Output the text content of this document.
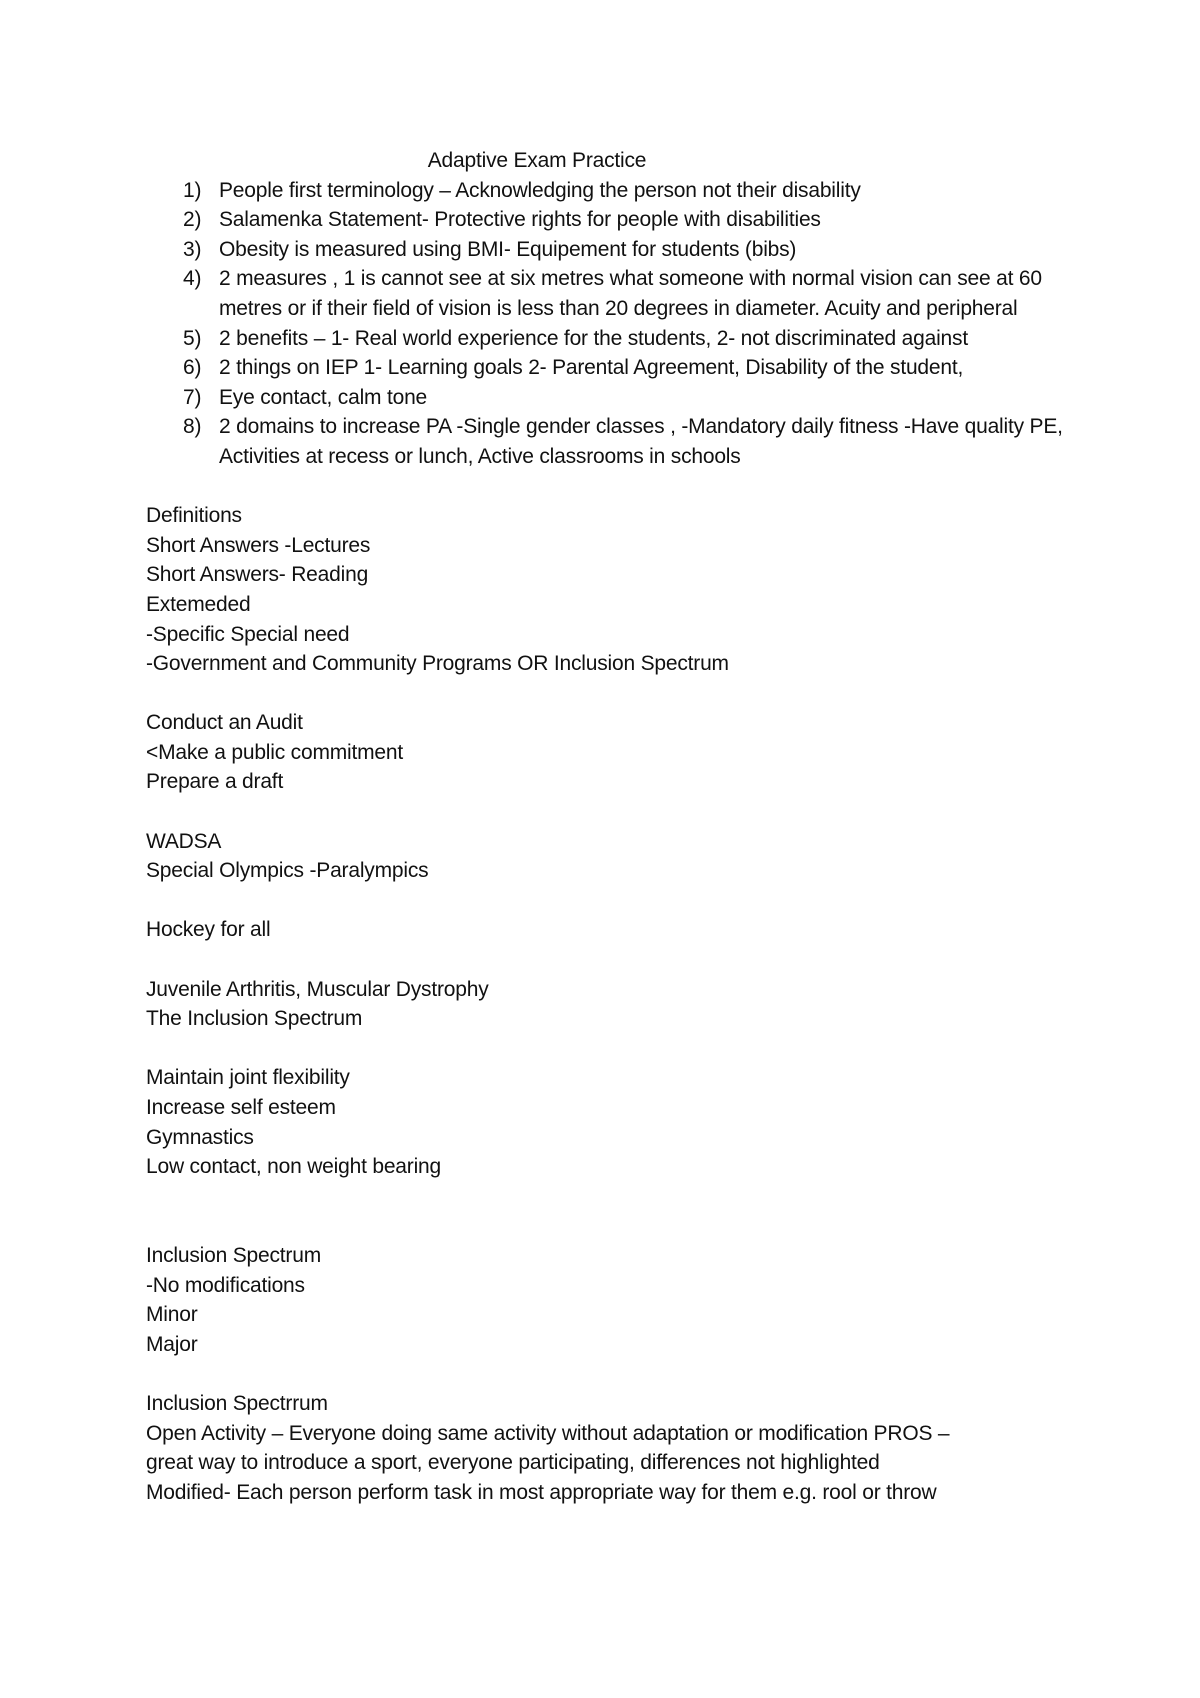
Adaptive Exam Practice
1) People first terminology – Acknowledging the person not their disability
2) Salamenka Statement- Protective rights for people with disabilities
3) Obesity is measured using BMI- Equipement for students (bibs)
4) 2 measures , 1 is cannot see at six metres what someone with normal vision can see at 60 metres or if their field of vision is less than 20 degrees in diameter. Acuity and peripheral
5) 2 benefits – 1- Real world experience for the students, 2- not discriminated against
6) 2 things on IEP 1- Learning goals 2- Parental Agreement, Disability of the student,
7) Eye contact, calm tone
8) 2 domains to increase PA -Single gender classes , -Mandatory daily fitness -Have quality PE, Activities at recess or lunch, Active classrooms in schools
Definitions
Short Answers -Lectures
Short Answers- Reading
Extemeded
-Specific Special need
-Government and Community Programs OR Inclusion Spectrum
Conduct an Audit
<Make a public commitment
Prepare a draft
WADSA
Special Olympics -Paralympics
Hockey for all
Juvenile Arthritis, Muscular Dystrophy
The Inclusion Spectrum
Maintain joint flexibility
Increase self esteem
Gymnastics
Low contact, non weight bearing
Inclusion Spectrum
-No modifications
Minor
Major
Inclusion Spectrrum
Open Activity – Everyone doing same activity without adaptation or modification PROS –
great way to introduce a sport, everyone participating, differences not highlighted
Modified- Each person perform task in most appropriate way for them e.g. rool or throw
